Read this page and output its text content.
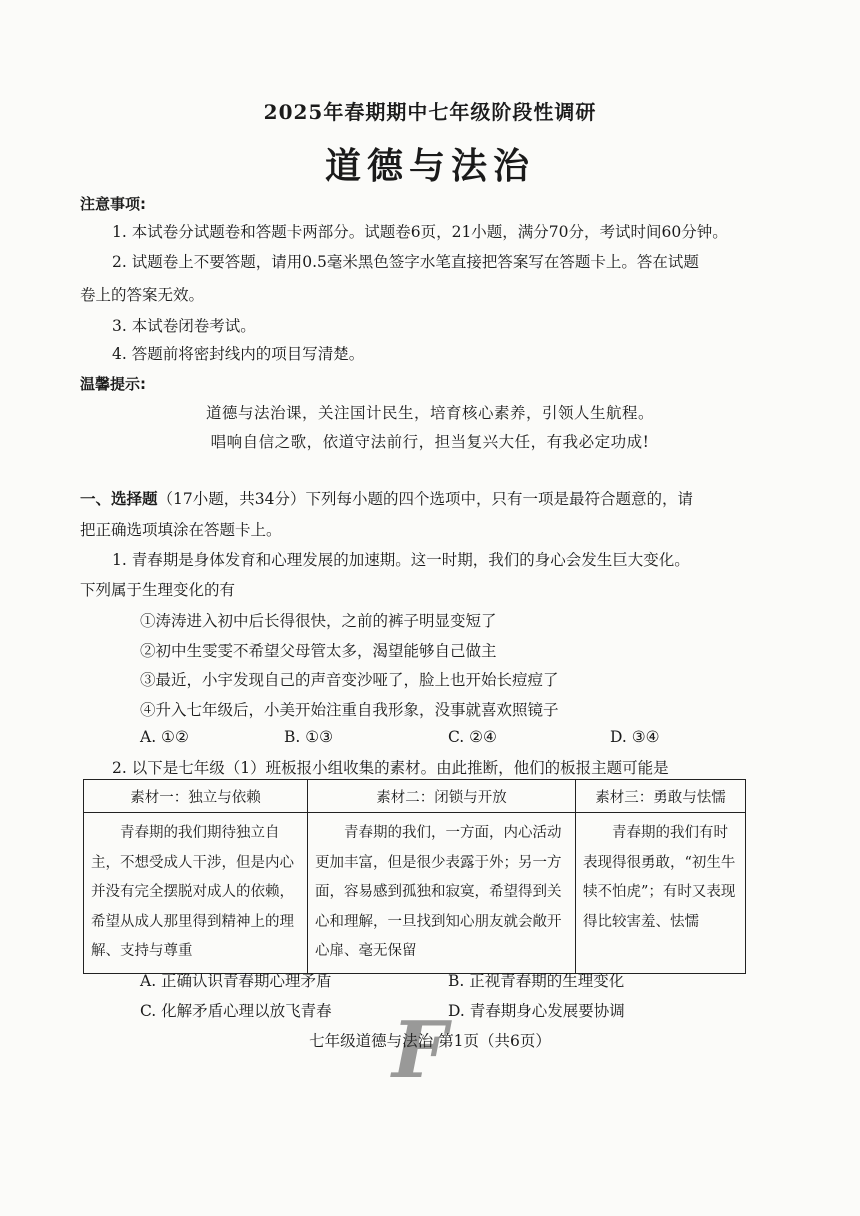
2025年春期期中七年级阶段性调研
道德与法治
注意事项:
1. 本试卷分试题卷和答题卡两部分。试题卷6页，21小题，满分70分，考试时间60分钟。
2. 试题卷上不要答题，请用0.5毫米黑色签字水笔直接把答案写在答题卡上。答在试题
卷上的答案无效。
3. 本试卷闭卷考试。
4. 答题前将密封线内的项目写清楚。
温馨提示:
道德与法治课，关注国计民生，培育核心素养，引领人生航程。
唱响自信之歌，依道守法前行，担当复兴大任，有我必定功成!
一、选择题（17小题，共34分）下列每小题的四个选项中，只有一项是最符合题意的，请
把正确选项填涂在答题卡上。
1. 青春期是身体发育和心理发展的加速期。这一时期，我们的身心会发生巨大变化。
下列属于生理变化的有
①涛涛进入初中后长得很快，之前的裤子明显变短了
②初中生雯雯不希望父母管太多，渴望能够自己做主
③最近，小宇发现自己的声音变沙哑了，脸上也开始长痘痘了
④升入七年级后，小美开始注重自我形象，没事就喜欢照镜子
A. ①②	B. ①③	C. ②④	D. ③④
2. 以下是七年级（1）班板报小组收集的素材。由此推断，他们的板报主题可能是
素材一：独立与依赖	素材二：闭锁与开放	素材三：勇敢与怯懦
青春期的我们期待独立自主，不想受成人干涉，但是内心并没有完全摆脱对成人的依赖，希望从成人那里得到精神上的理解、支持与尊重	青春期的我们，一方面，内心活动更加丰富，但是很少表露于外；另一方面，容易感到孤独和寂寞，希望得到关心和理解，一旦找到知心朋友就会敞开心扉、毫无保留	青春期的我们有时表现得很勇敢，“初生牛犊不怕虎”；有时又表现得比较害羞、怯懦
A. 正确认识青春期心理矛盾	B. 正视青春期的生理变化
C. 化解矛盾心理以放飞青春	D. 青春期身心发展要协调
F
七年级道德与法治 第1页（共6页）
